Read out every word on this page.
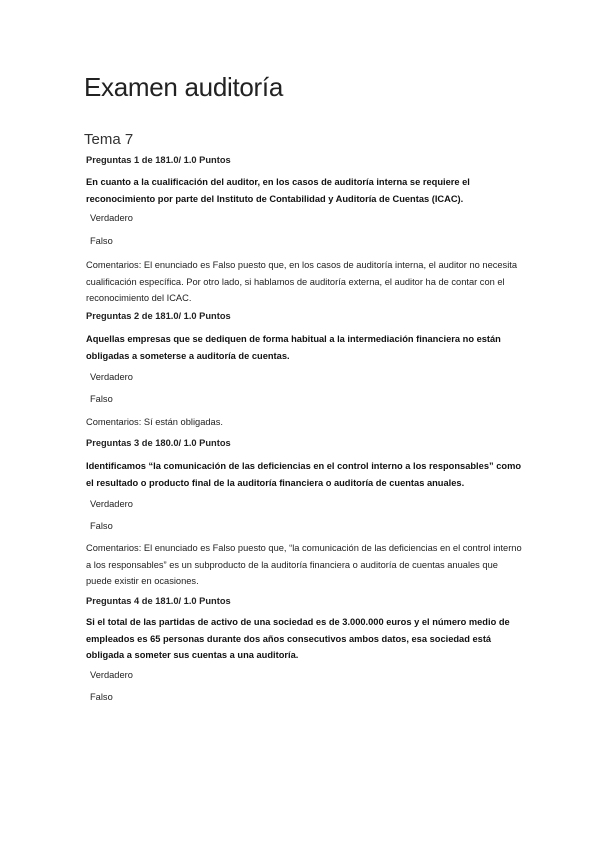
Examen auditoría
Tema 7
Preguntas 1 de 181.0/ 1.0 Puntos
En cuanto a la cualificación del auditor, en los casos de auditoría interna se requiere el reconocimiento por parte del Instituto de Contabilidad y Auditoría de Cuentas (ICAC).
Verdadero
Falso
Comentarios: El enunciado es Falso puesto que, en los casos de auditoría interna, el auditor no necesita cualificación específica. Por otro lado, si hablamos de auditoría externa, el auditor ha de contar con el reconocimiento del ICAC.
Preguntas 2 de 181.0/ 1.0 Puntos
Aquellas empresas que se dediquen de forma habitual a la intermediación financiera no están obligadas a someterse a auditoría de cuentas.
Verdadero
Falso
Comentarios: Sí están obligadas.
Preguntas 3 de 180.0/ 1.0 Puntos
Identificamos “la comunicación de las deficiencias en el control interno a los responsables” como el resultado o producto final de la auditoría financiera o auditoría de cuentas anuales.
Verdadero
Falso
Comentarios: El enunciado es Falso puesto que, “la comunicación de las deficiencias en el control interno a los responsables” es un subproducto de la auditoría financiera o auditoría de cuentas anuales que puede existir en ocasiones.
Preguntas 4 de 181.0/ 1.0 Puntos
Si el total de las partidas de activo de una sociedad es de 3.000.000 euros y el número medio de empleados es 65 personas durante dos años consecutivos ambos datos, esa sociedad está obligada a someter sus cuentas a una auditoría.
Verdadero
Falso
